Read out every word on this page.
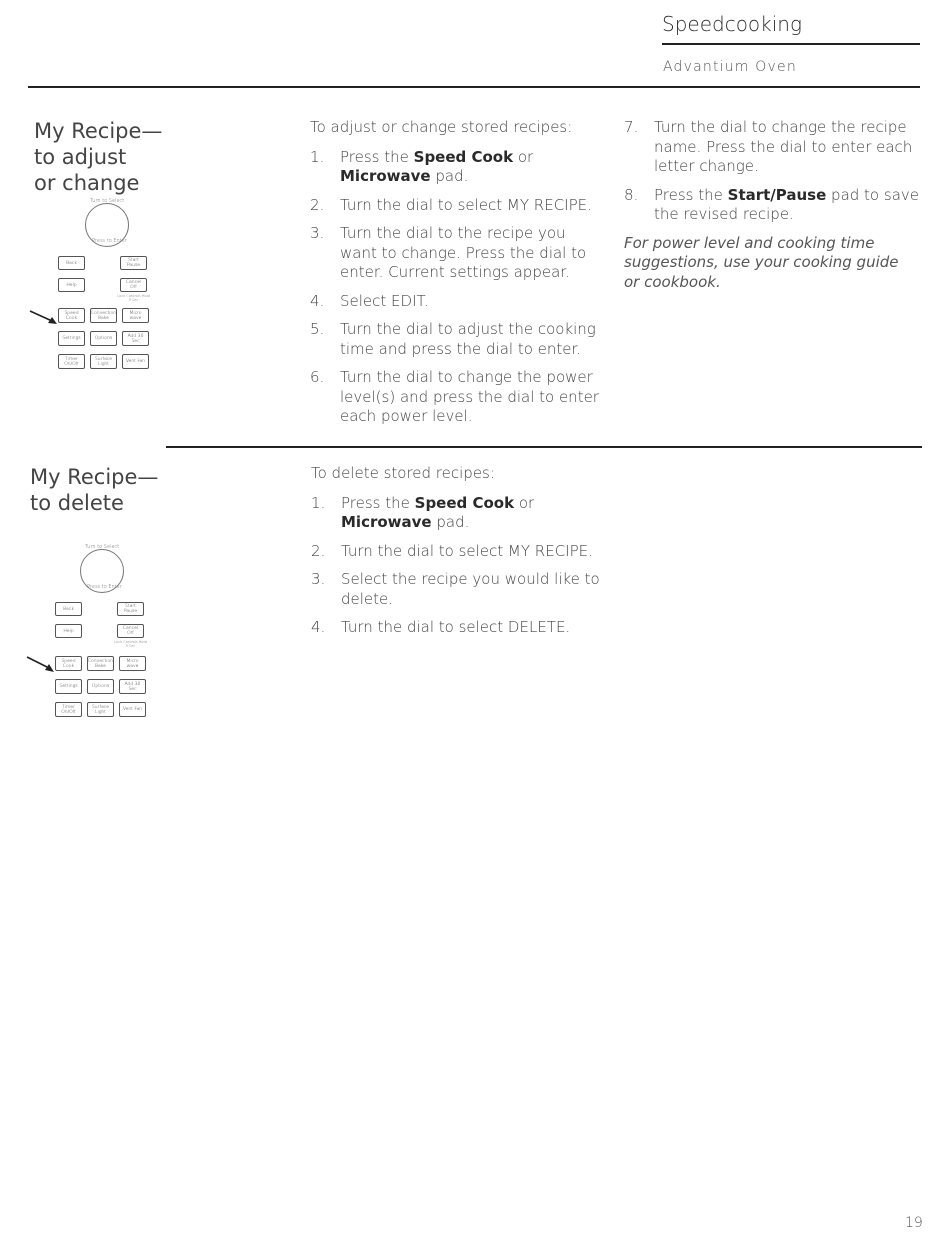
Speedcooking
Advantium Oven
My Recipe—
to adjust
or change
Turn to Select
Press to Enter
Back	Start Pause
Help	Cancel Off
Lock Controls Hold 3 Sec
Speed Cook
Convection Bake
Micro wave
Settings	Options	Add 30 Sec
Timer On/Off
Surface Light	Vent Fan

To adjust or change stored recipes:

1. Press the Speed Cook or
Microwave pad.
2. Turn the dial to select MY RECIPE.
3. Turn the dial to the recipe you want to change. Press the dial to enter. Current settings appear.
4. Select EDIT.
5. Turn the dial to adjust the cooking time and press the dial to enter.
6. Turn the dial to change the power level(s) and press the dial to enter each power level.
7. Turn the dial to change the recipe name. Press the dial to enter each letter change.
8. Press the Start/Pause pad to save the revised recipe.

For power level and cooking time suggestions, use your cooking guide or cookbook.

My Recipe—
to delete
Turn to Select
Press to Enter
Back	Start Pause
Help	Cancel Off
Lock Controls Hold 3 Sec
Speed Cook
Convection Bake
Micro wave
Settings	Options	Add 30 Sec
Timer On/Off
Surface Light	Vent Fan

To delete stored recipes:

1. Press the Speed Cook or
Microwave pad.
2. Turn the dial to select MY RECIPE.
3. Select the recipe you would like to delete.
4. Turn the dial to select DELETE.
19
